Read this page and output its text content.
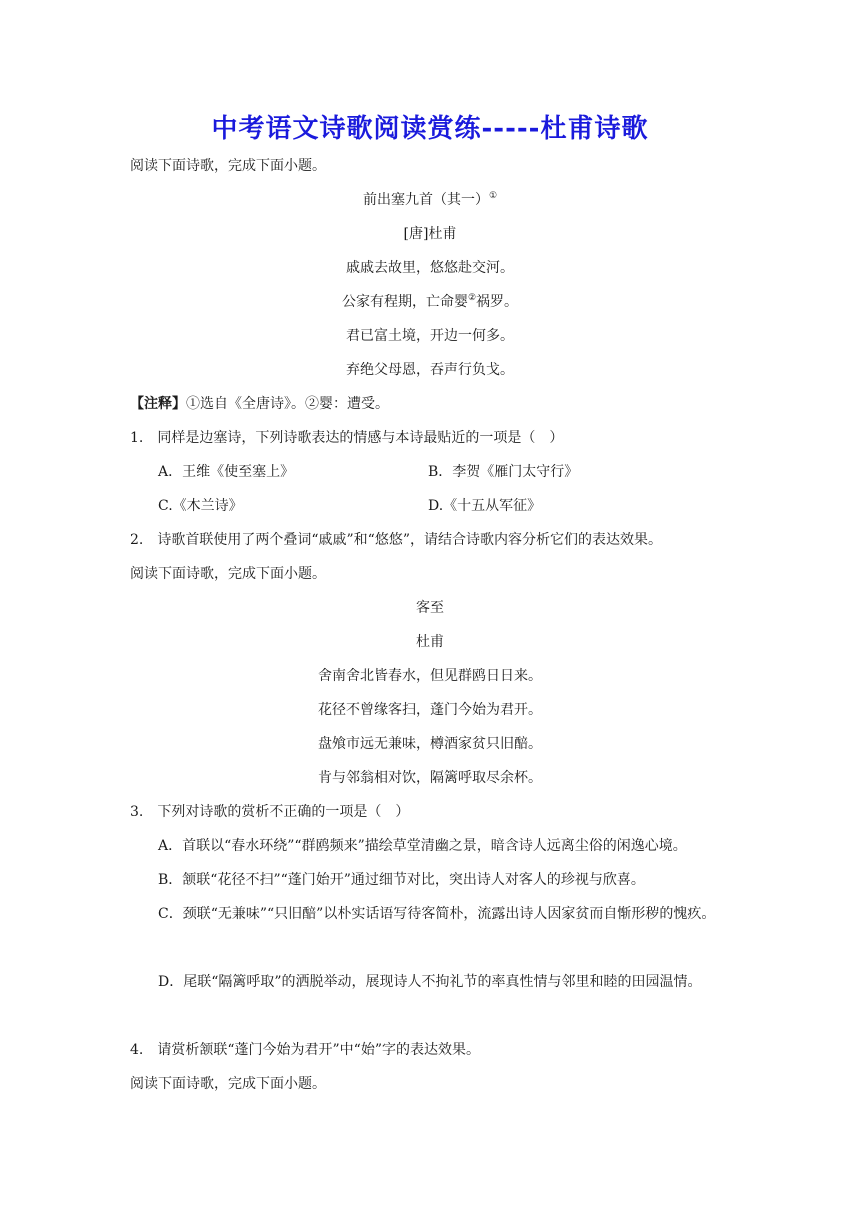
中考语文诗歌阅读赏练-----杜甫诗歌
阅读下面诗歌，完成下面小题。
前出塞九首（其一）①
[唐]杜甫
戚戚去故里，悠悠赴交河。
公家有程期，亡命婴②祸罗。
君已富土境，开边一何多。
弃绝父母恩，吞声行负戈。
【注释】①选自《全唐诗》。②婴：遭受。
1.　同样是边塞诗，下列诗歌表达的情感与本诗最贴近的一项是（　）
A．王维《使至塞上》	B．李贺《雁门太守行》
C.《木兰诗》	D.《十五从军征》
2.　诗歌首联使用了两个叠词“戚戚”和“悠悠”，请结合诗歌内容分析它们的表达效果。
阅读下面诗歌，完成下面小题。
客至
杜甫
舍南舍北皆春水，但见群鸥日日来。
花径不曾缘客扫，蓬门今始为君开。
盘飧市远无兼味，樽酒家贫只旧醅。
肯与邻翁相对饮，隔篱呼取尽余杯。
3.　下列对诗歌的赏析不正确的一项是（　）
A．首联以“春水环绕”“群鸥频来”描绘草堂清幽之景，暗含诗人远离尘俗的闲逸心境。
B．颔联“花径不扫”“蓬门始开”通过细节对比，突出诗人对客人的珍视与欣喜。
C．颈联“无兼味”“只旧醅”以朴实话语写待客简朴，流露出诗人因家贫而自惭形秽的愧疚。
D．尾联“隔篱呼取”的洒脱举动，展现诗人不拘礼节的率真性情与邻里和睦的田园温情。
4.　请赏析颔联“蓬门今始为君开”中“始”字的表达效果。
阅读下面诗歌，完成下面小题。
